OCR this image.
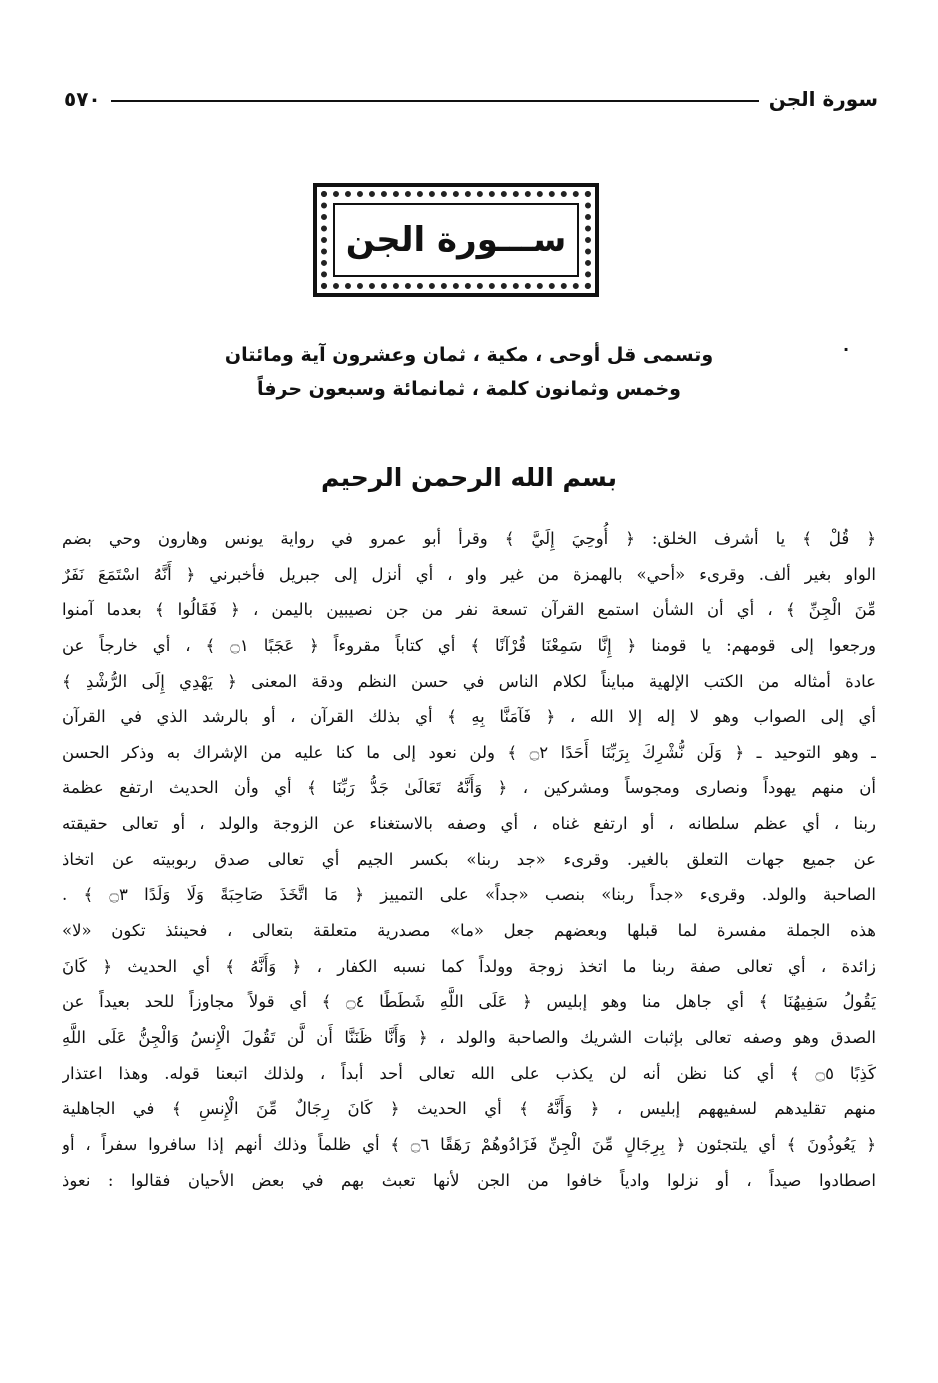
سورة الجن
٥٧٠
ســـورة الجن
·
وتسمى قل أوحى ، مكية ، ثمان وعشرون آية ومائتان
وخمس وثمانون كلمة ، ثمانمائة وسبعون حرفاً
بسم الله الرحمن الرحيم
﴿ قُلْ ﴾ يا أشرف الخلق: ﴿ أُوحِيَ إِلَيَّ ﴾ وقرأ أبو عمرو في رواية يونس وهارون وحي بضم
الواو بغير ألف. وقرىء «أحي» بالهمزة من غير واو ، أي أنزل إلى جبريل فأخبرني ﴿ أَنَّهُ اسْتَمَعَ نَفَرٌ
مِّنَ الْجِنِّ ﴾ ، أي أن الشأن استمع القرآن تسعة نفر من جن نصيبين باليمن ، ﴿ فَقَالُوا ﴾ بعدما آمنوا
ورجعوا إلى قومهم: يا قومنا ﴿ إِنَّا سَمِعْنَا قُرْآنًا ﴾ أي كتاباً مقروءاً ﴿ عَجَبًا ۝١ ﴾ ، أي خارجاً عن
عادة أمثاله من الكتب الإلهية مبايناً لكلام الناس في حسن النظم ودقة المعنى ﴿ يَهْدِي إِلَى الرُّشْدِ ﴾
أي إلى الصواب وهو لا إله إلا الله ، ﴿ فَآمَنَّا بِهِ ﴾ أي بذلك القرآن ، أو بالرشد الذي في القرآن
ـ وهو التوحيد ـ ﴿ وَلَن نُّشْرِكَ بِرَبِّنَا أَحَدًا ۝٢ ﴾ ولن نعود إلى ما كنا عليه من الإشراك به وذكر الحسن
أن منهم يهوداً ونصارى ومجوساً ومشركين ، ﴿ وَأَنَّهُ تَعَالَىٰ جَدُّ رَبِّنَا ﴾ أي وأن الحديث ارتفع عظمة
ربنا ، أي عظم سلطانه ، أو ارتفع غناه ، أي وصفه بالاستغناء عن الزوجة والولد ، أو تعالى حقيقته
عن جميع جهات التعلق بالغير. وقرىء «جد ربنا» بكسر الجيم أي تعالى صدق ربوبيته عن اتخاذ
الصاحبة والولد. وقرىء «جداً ربنا» بنصب «جداً» على التمييز ﴿ مَا اتَّخَذَ صَاحِبَةً وَلَا وَلَدًا ۝٣ ﴾ .
هذه الجملة مفسرة لما قبلها وبعضهم جعل «ما» مصدرية متعلقة بتعالى ، فحينئذ تكون «لا»
زائدة ، أي تعالى صفة ربنا ما اتخذ زوجة وولداً كما نسبه الكفار ، ﴿ وَأَنَّهُ ﴾ أي الحديث ﴿ كَانَ
يَقُولُ سَفِيهُنَا ﴾ أي جاهل منا وهو إبليس ﴿ عَلَى اللَّهِ شَطَطًا ۝٤ ﴾ أي قولاً مجاوزاً للحد بعيداً عن
الصدق وهو وصفه تعالى بإثبات الشريك والصاحبة والولد ، ﴿ وَأَنَّا ظَنَنَّا أَن لَّن تَقُولَ الْإِنسُ وَالْجِنُّ عَلَى اللَّهِ
كَذِبًا ۝٥ ﴾ أي كنا نظن أنه لن يكذب على الله تعالى أحد أبداً ، ولذلك اتبعنا قوله. وهذا اعتذار
منهم تقليدهم لسفيههم إبليس ، ﴿ وَأَنَّهُ ﴾ أي الحديث ﴿ كَانَ رِجَالٌ مِّنَ الْإِنسِ ﴾ في الجاهلية
﴿ يَعُوذُونَ ﴾ أي يلتجئون ﴿ بِرِجَالٍ مِّنَ الْجِنِّ فَزَادُوهُمْ رَهَقًا ۝٦ ﴾ أي ظلماً وذلك أنهم إذا سافروا سفراً ، أو
اصطادوا صيداً ، أو نزلوا وادياً خافوا من الجن لأنها تعبث بهم في بعض الأحيان فقالوا : نعوذ
